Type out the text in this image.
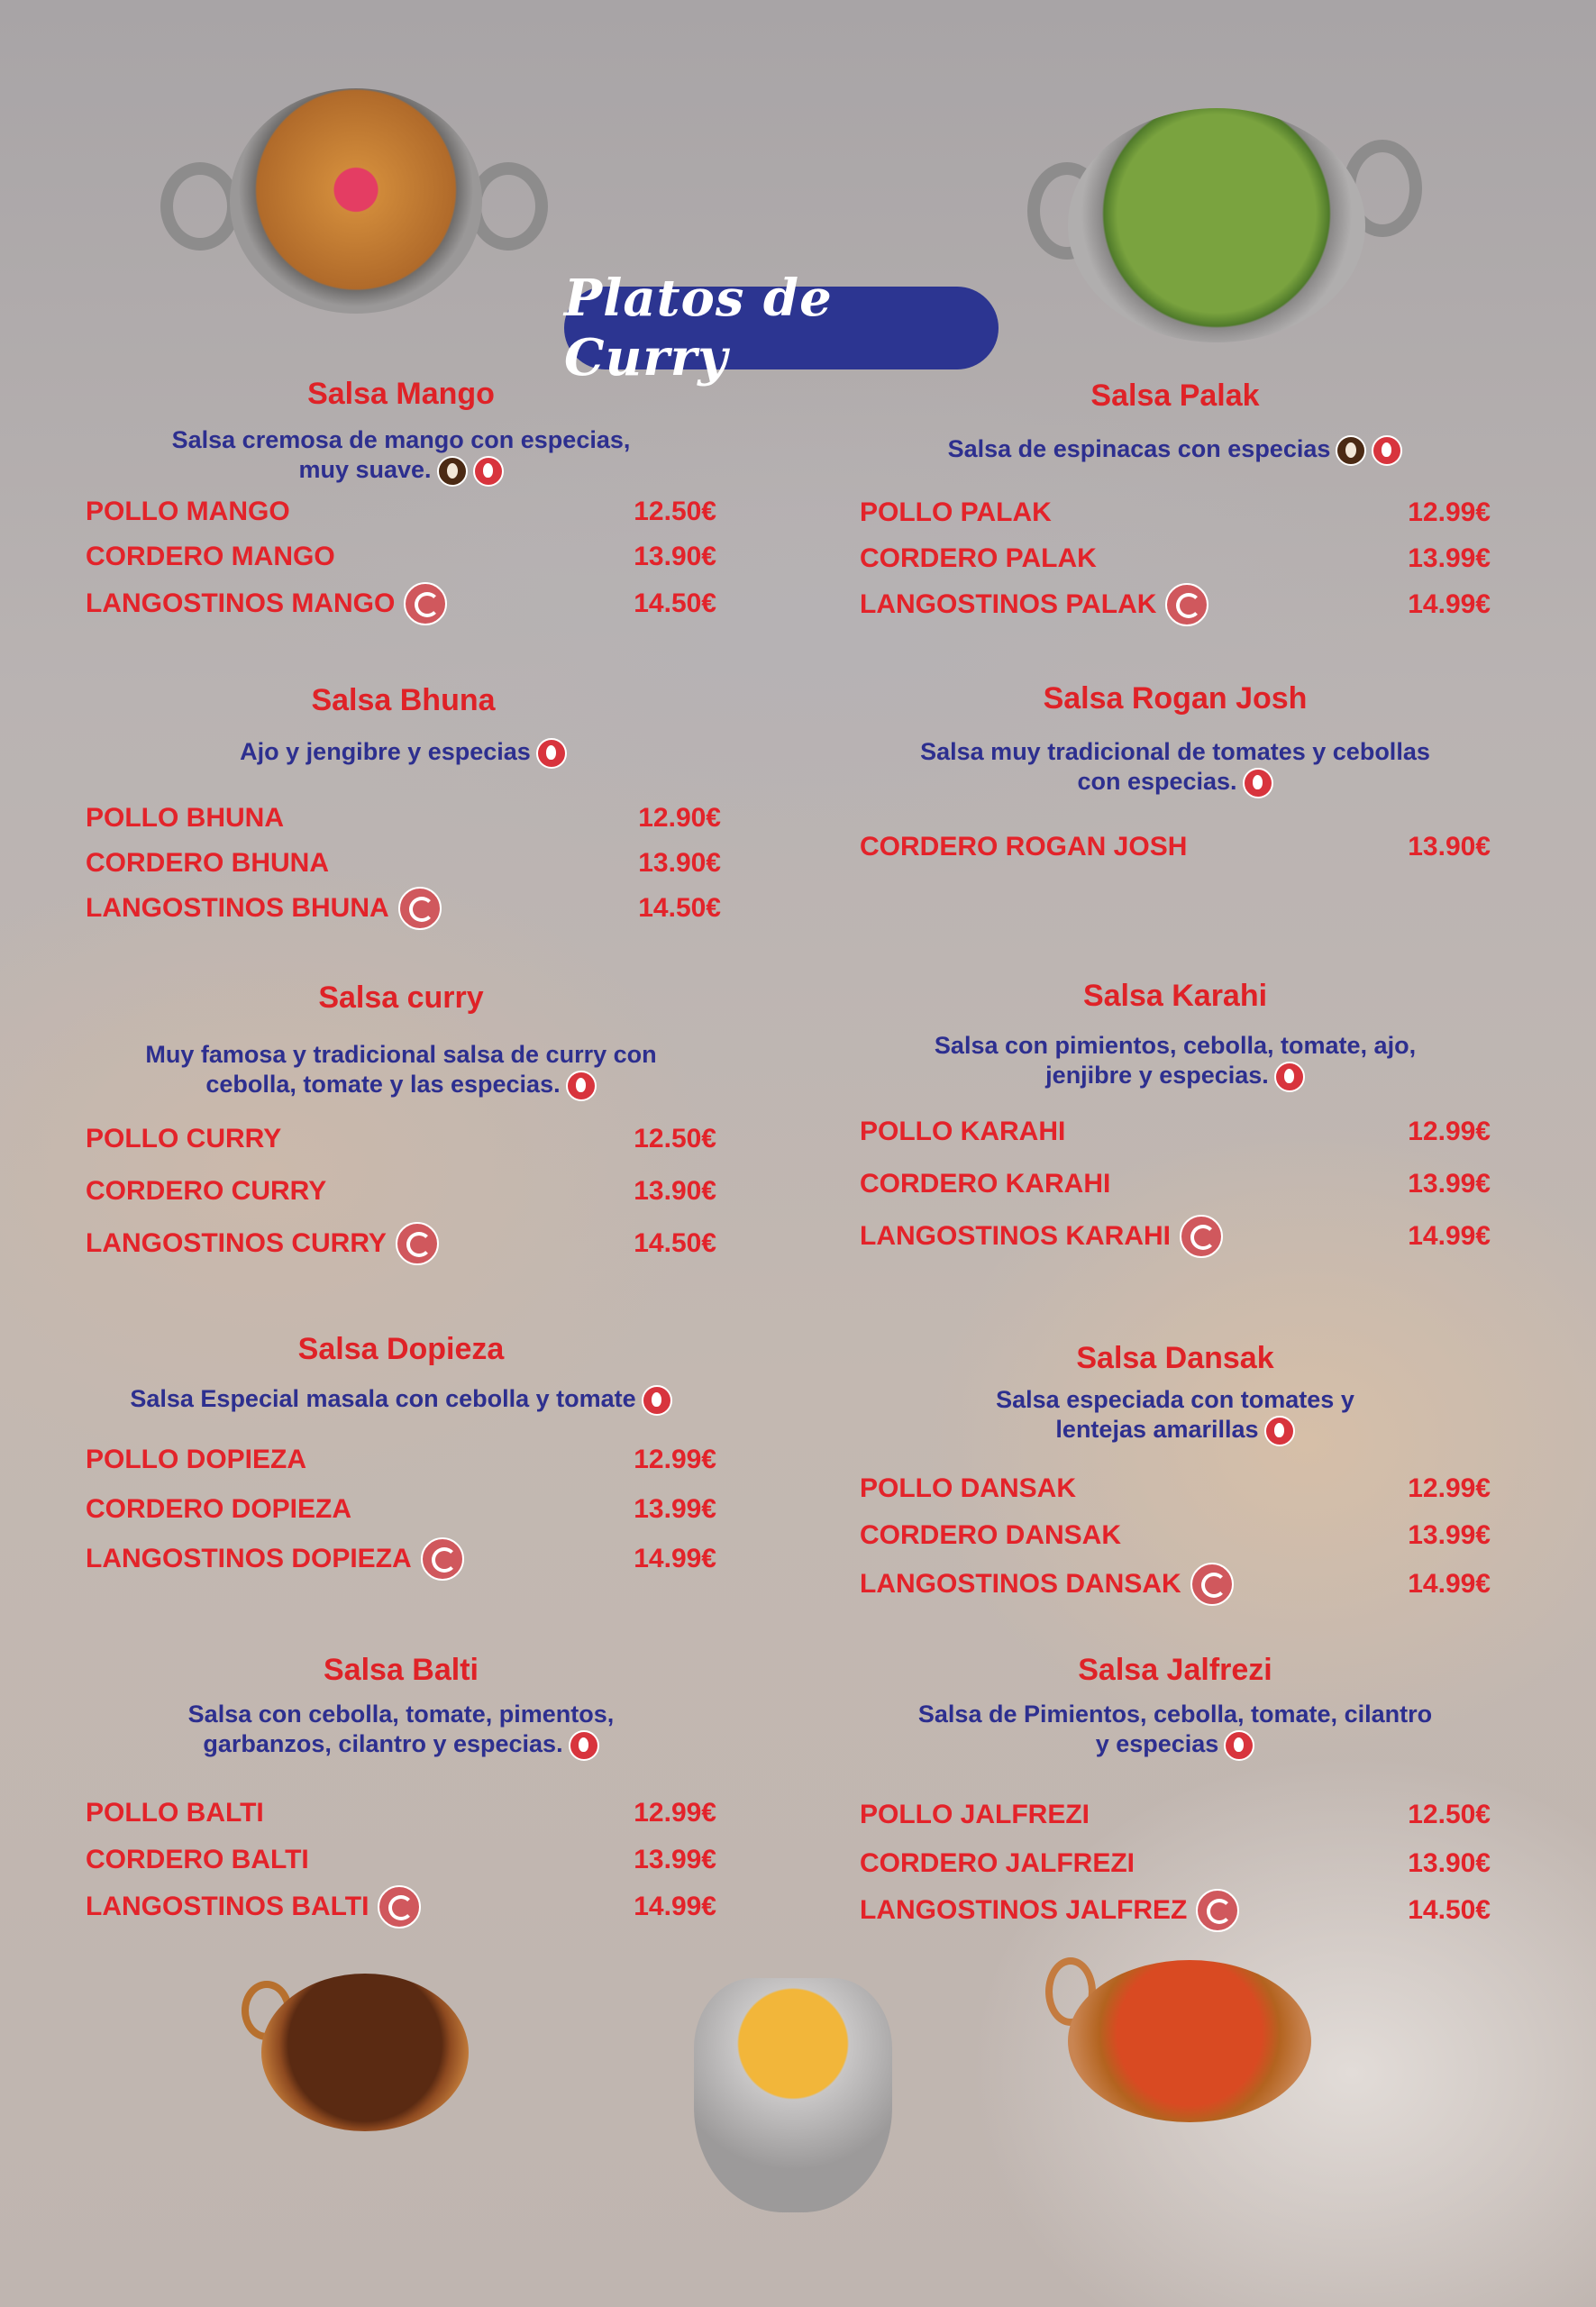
Platos de Curry
Salsa Mango
Salsa cremosa de mango con especias,
muy suave.
POLLO MANGO	12.50€
CORDERO MANGO	13.90€
LANGOSTINOS MANGO	14.50€
Salsa Palak
Salsa de espinacas con especias
POLLO PALAK	12.99€
CORDERO PALAK	13.99€
LANGOSTINOS PALAK	14.99€
Salsa Bhuna
Ajo y jengibre y especias
POLLO BHUNA	12.90€
CORDERO BHUNA	13.90€
LANGOSTINOS BHUNA	14.50€
Salsa Rogan Josh
Salsa muy tradicional de tomates y cebollas
con especias.
CORDERO ROGAN JOSH	13.90€
Salsa curry
Muy famosa y tradicional salsa de curry con
cebolla, tomate y las especias.
POLLO CURRY	12.50€
CORDERO CURRY	13.90€
LANGOSTINOS CURRY	14.50€
Salsa Karahi
Salsa con pimientos, cebolla, tomate, ajo,
jenjibre y especias.
POLLO KARAHI	12.99€
CORDERO KARAHI	13.99€
LANGOSTINOS KARAHI	14.99€
Salsa Dopieza
Salsa Especial masala con cebolla y tomate
POLLO DOPIEZA	12.99€
CORDERO DOPIEZA	13.99€
LANGOSTINOS DOPIEZA	14.99€
Salsa Dansak
Salsa especiada con tomates y
lentejas amarillas
POLLO DANSAK	12.99€
CORDERO DANSAK	13.99€
LANGOSTINOS DANSAK	14.99€
Salsa Balti
Salsa con cebolla, tomate, pimentos,
garbanzos, cilantro y especias.
POLLO BALTI	12.99€
CORDERO BALTI	13.99€
LANGOSTINOS BALTI	14.99€
Salsa Jalfrezi
Salsa de Pimientos, cebolla, tomate, cilantro
y especias
POLLO JALFREZI	12.50€
CORDERO JALFREZI	13.90€
LANGOSTINOS JALFREZ	14.50€
